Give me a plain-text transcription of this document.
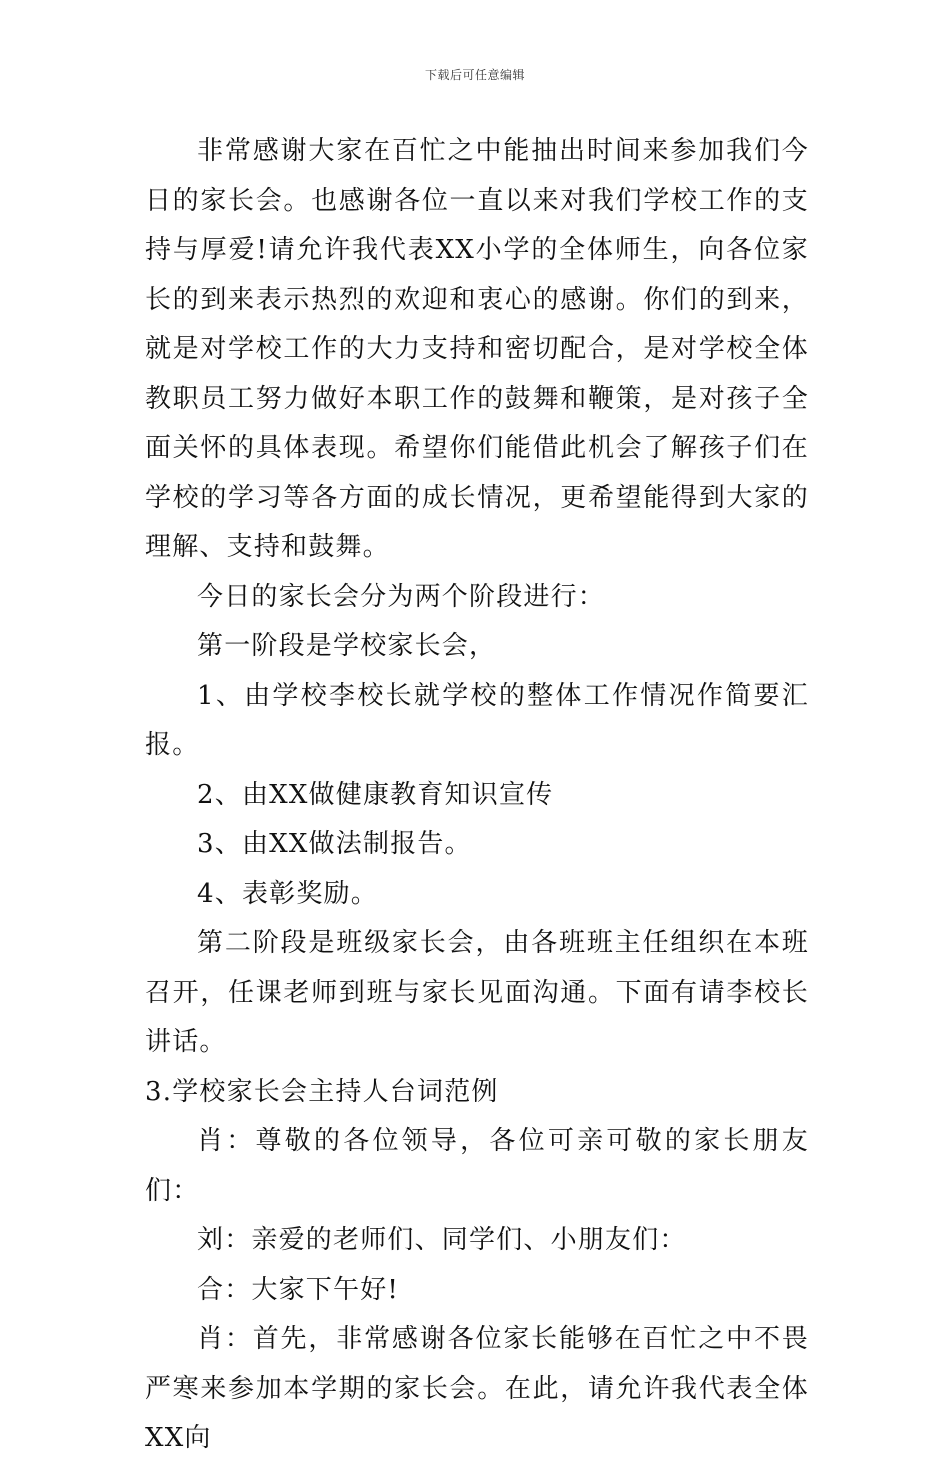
下载后可任意编辑

非常感谢大家在百忙之中能抽出时间来参加我们今日的家长会。也感谢各位一直以来对我们学校工作的支持与厚爱!请允许我代表XX小学的全体师生，向各位家长的到来表示热烈的欢迎和衷心的感谢。你们的到来，就是对学校工作的大力支持和密切配合，是对学校全体教职员工努力做好本职工作的鼓舞和鞭策，是对孩子全面关怀的具体表现。希望你们能借此机会了解孩子们在学校的学习等各方面的成长情况，更希望能得到大家的理解、支持和鼓舞。

今日的家长会分为两个阶段进行：

第一阶段是学校家长会，

1、由学校李校长就学校的整体工作情况作简要汇报。

2、由XX做健康教育知识宣传

3、由XX做法制报告。

4、表彰奖励。

第二阶段是班级家长会，由各班班主任组织在本班召开，任课老师到班与家长见面沟通。下面有请李校长讲话。

3.学校家长会主持人台词范例

肖：尊敬的各位领导，各位可亲可敬的家长朋友们：

刘：亲爱的老师们、同学们、小朋友们：

合：大家下午好!

肖：首先，非常感谢各位家长能够在百忙之中不畏严寒来参加本学期的家长会。在此，请允许我代表全体XX向
